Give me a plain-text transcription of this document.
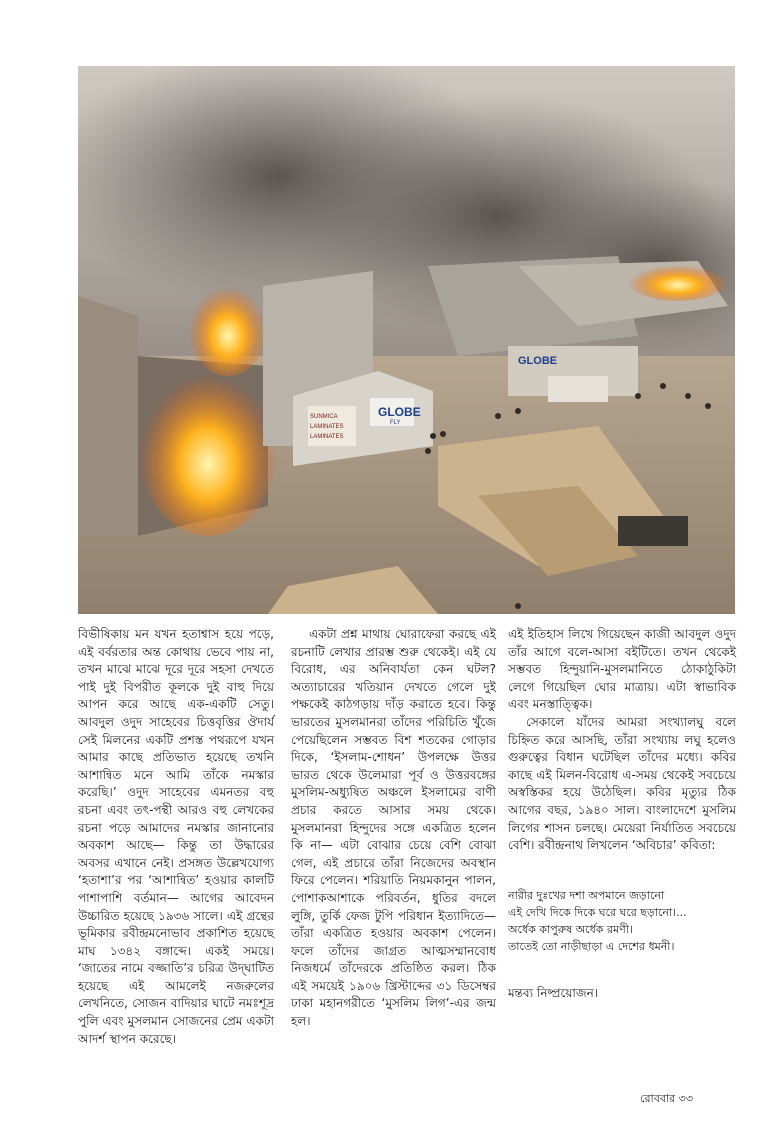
GLOBE
GLOBE
FLY
SUNMICA
LAMINATES
LAMINATES

বিভীষিকায় মন যখন হতাশ্বাস হয়ে পড়ে, এই বর্বরতার অন্ত কোথায় ভেবে পায় না, তখন মাঝে মাঝে দূরে দূরে সহসা দেখতে পাই দুই বিপরীত কূলকে দুই বাহু দিয়ে আপন করে আছে এক-একটি সেতু। আবদুল ওদুদ সাহেবের চিত্তবৃত্তির ঔদার্য সেই মিলনের একটি প্রশস্ত পথরূপে যখন আমার কাছে প্রতিভাত হয়েছে তখনি আশান্বিত মনে আমি তাঁকে নমস্কার করেছি।’ ওদুদ সাহেবের এমনতর বহু রচনা এবং তৎ-পন্থী আরও বহু লেখকের রচনা পড়ে আমাদের নমস্কার জানানোর অবকাশ আছে— কিন্তু তা উদ্ধারের অবসর এখানে নেই। প্রসঙ্গত উল্লেখযোগ্য ‘হতাশা’র পর ‘আশান্বিত’ হওয়ার কালটি পাশাপাশি বর্তমান— আগের আবেদন উচ্চারিত হয়েছে ১৯৩৬ সালে। এই গ্রন্থের ভূমিকার রবীন্দ্রমনোভাব প্রকাশিত হয়েছে মাঘ ১৩৪২ বঙ্গাব্দে। একই সময়ে। ‘জাতের নামে বজ্জাতি’র চরিত্র উদ্‌ঘাটিত হয়েছে এই আমলেই নজরুলের লেখনিতে, সোজন বাদিয়ার ঘাটে নমঃশূদ্র পুলি এবং মুসলমান সোজনের প্রেম একটা আদর্শ স্থাপন করেছে।

একটা প্রশ্ন মাথায় ঘোরাফেরা করছে এই রচনাটি লেখার প্রারম্ভ শুরু থেকেই। এই যে বিরোধ, এর অনিবার্যতা কেন ঘটল? অত্যাচারের খতিয়ান দেখতে গেলে দুই পক্ষকেই কাঠগড়ায় দাঁড় করাতে হবে। কিন্তু ভারতের মুসলমানরা তাঁদের পরিচিতি খুঁজে পেয়েছিলেন সম্ভবত বিশ শতকের গোড়ার দিকে, ‘ইসলাম-শোধন’ উপলক্ষে উত্তর ভারত থেকে উলেমারা পূর্ব ও উত্তরবঙ্গের মুসলিম-অধ্যুষিত অঞ্চলে ইসলামের বাণী প্রচার করতে আসার সময় থেকে। মুসলমানরা হিন্দুদের সঙ্গে একত্রিত হলেন কি না— এটা বোঝার চেয়ে বেশি বোঝা গেল, এই প্রচারে তাঁরা নিজেদের অবস্থান ফিরে পেলেন। শরিয়াতি নিয়মকানুন পালন, পোশাকআশাকে পরিবর্তন, ধুতির বদলে লুঙ্গি, তুর্কি ফেজ টুপি পরিধান ইত্যাদিতে— তাঁরা একত্রিত হওয়ার অবকাশ পেলেন। ফলে তাঁদের জাগ্রত আত্মসম্মানবোধ নিজধর্মে তাঁদেরকে প্রতিষ্ঠিত করল। ঠিক এই সময়েই ১৯০৬ খ্রিস্টাব্দের ৩১ ডিসেম্বর ঢাকা মহানগরীতে ‘মুসলিম লিগ’-এর জন্ম হল।

এই ইতিহাস লিখে গিয়েছেন কাজী আবদুল ওদুদ তাঁর আগে বলে-আসা বইটিতে। তখন থেকেই সম্ভবত হিন্দুয়ানি-মুসলমানিতে ঠোকাঠুকিটা লেগে গিয়েছিল ঘোর মাত্রায়। এটা স্বাভাবিক এবং মনস্তাত্ত্বিক।

সেকালে যাঁদের আমরা সংখ্যালঘু বলে চিহ্নিত করে আসছি, তাঁরা সংখ্যায় লঘু হলেও গুরুত্বের বিধান ঘটেছিল তাঁদের মধ্যে। কবির কাছে এই মিলন-বিরোধ এ-সময় থেকেই সবচেয়ে অস্বস্তিকর হয়ে উঠেছিল। কবির মৃত্যুর ঠিক আগের বছর, ১৯৪০ সাল। বাংলাদেশে মুসলিম লিগের শাসন চলছে। মেয়েরা নির্যাতিত সবচেয়ে বেশি। রবীন্দ্রনাথ লিখলেন ‘অবিচার’ কবিতা:

নারীর দুঃখের দশা অপমানে জড়ানো
এই দেখি দিকে দিকে ঘরে ঘরে ছড়ানো।...
অর্ধেক কাপুরুষ অর্ধেক রমণী।
তাতেই তো নাড়ীছাড়া এ দেশের ধমনী।

মন্তব্য নিষ্প্রয়োজন।

রোববার ৩৩
